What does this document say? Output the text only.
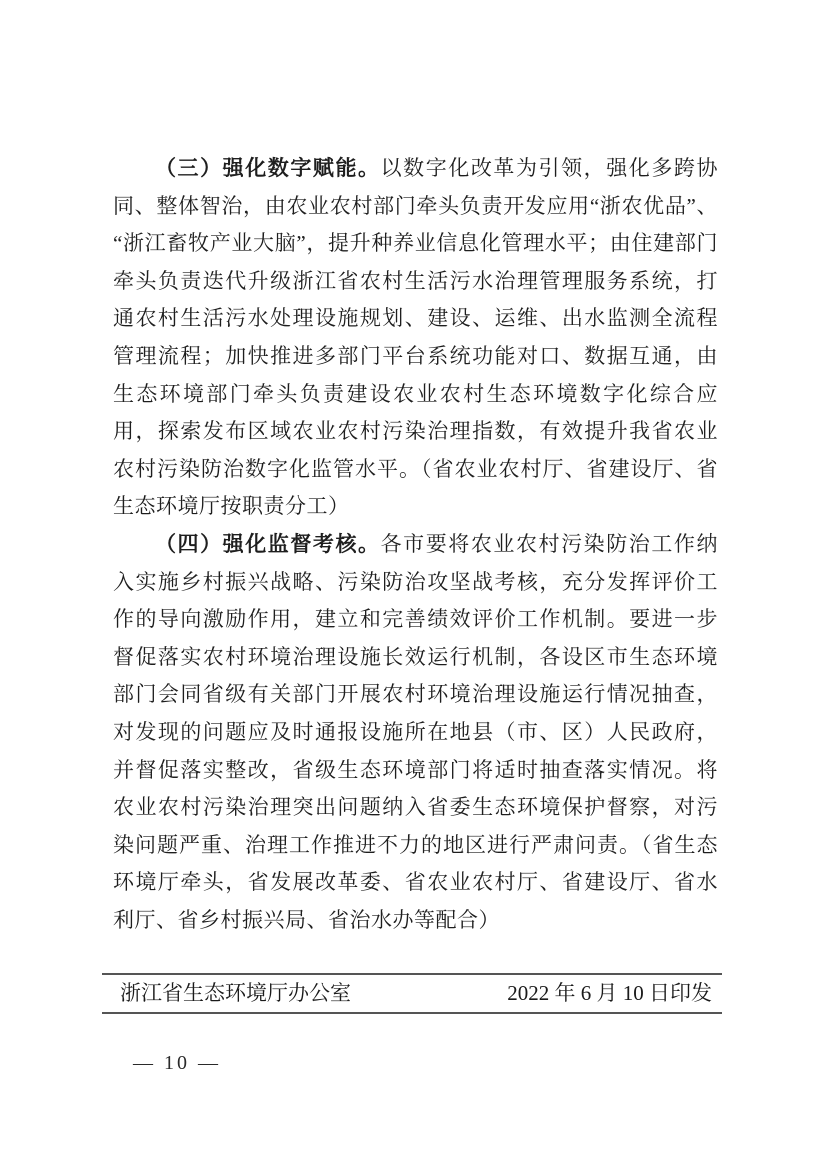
（三）强化数字赋能。以数字化改革为引领，强化多跨协
同、整体智治，由农业农村部门牵头负责开发应用“浙农优品”、
“浙江畜牧产业大脑”，提升种养业信息化管理水平；由住建部门
牵头负责迭代升级浙江省农村生活污水治理管理服务系统，打
通农村生活污水处理设施规划、建设、运维、出水监测全流程
管理流程；加快推进多部门平台系统功能对口、数据互通，由
生态环境部门牵头负责建设农业农村生态环境数字化综合应
用，探索发布区域农业农村污染治理指数，有效提升我省农业
农村污染防治数字化监管水平。（省农业农村厅、省建设厅、省
生态环境厅按职责分工）
（四）强化监督考核。各市要将农业农村污染防治工作纳
入实施乡村振兴战略、污染防治攻坚战考核，充分发挥评价工
作的导向激励作用，建立和完善绩效评价工作机制。要进一步
督促落实农村环境治理设施长效运行机制，各设区市生态环境
部门会同省级有关部门开展农村环境治理设施运行情况抽查，
对发现的问题应及时通报设施所在地县（市、区）人民政府，
并督促落实整改，省级生态环境部门将适时抽查落实情况。将
农业农村污染治理突出问题纳入省委生态环境保护督察，对污
染问题严重、治理工作推进不力的地区进行严肃问责。（省生态
环境厅牵头，省发展改革委、省农业农村厅、省建设厅、省水
利厅、省乡村振兴局、省治水办等配合）
浙江省生态环境厅办公室	2022 年 6 月 10 日印发
— 10 —
